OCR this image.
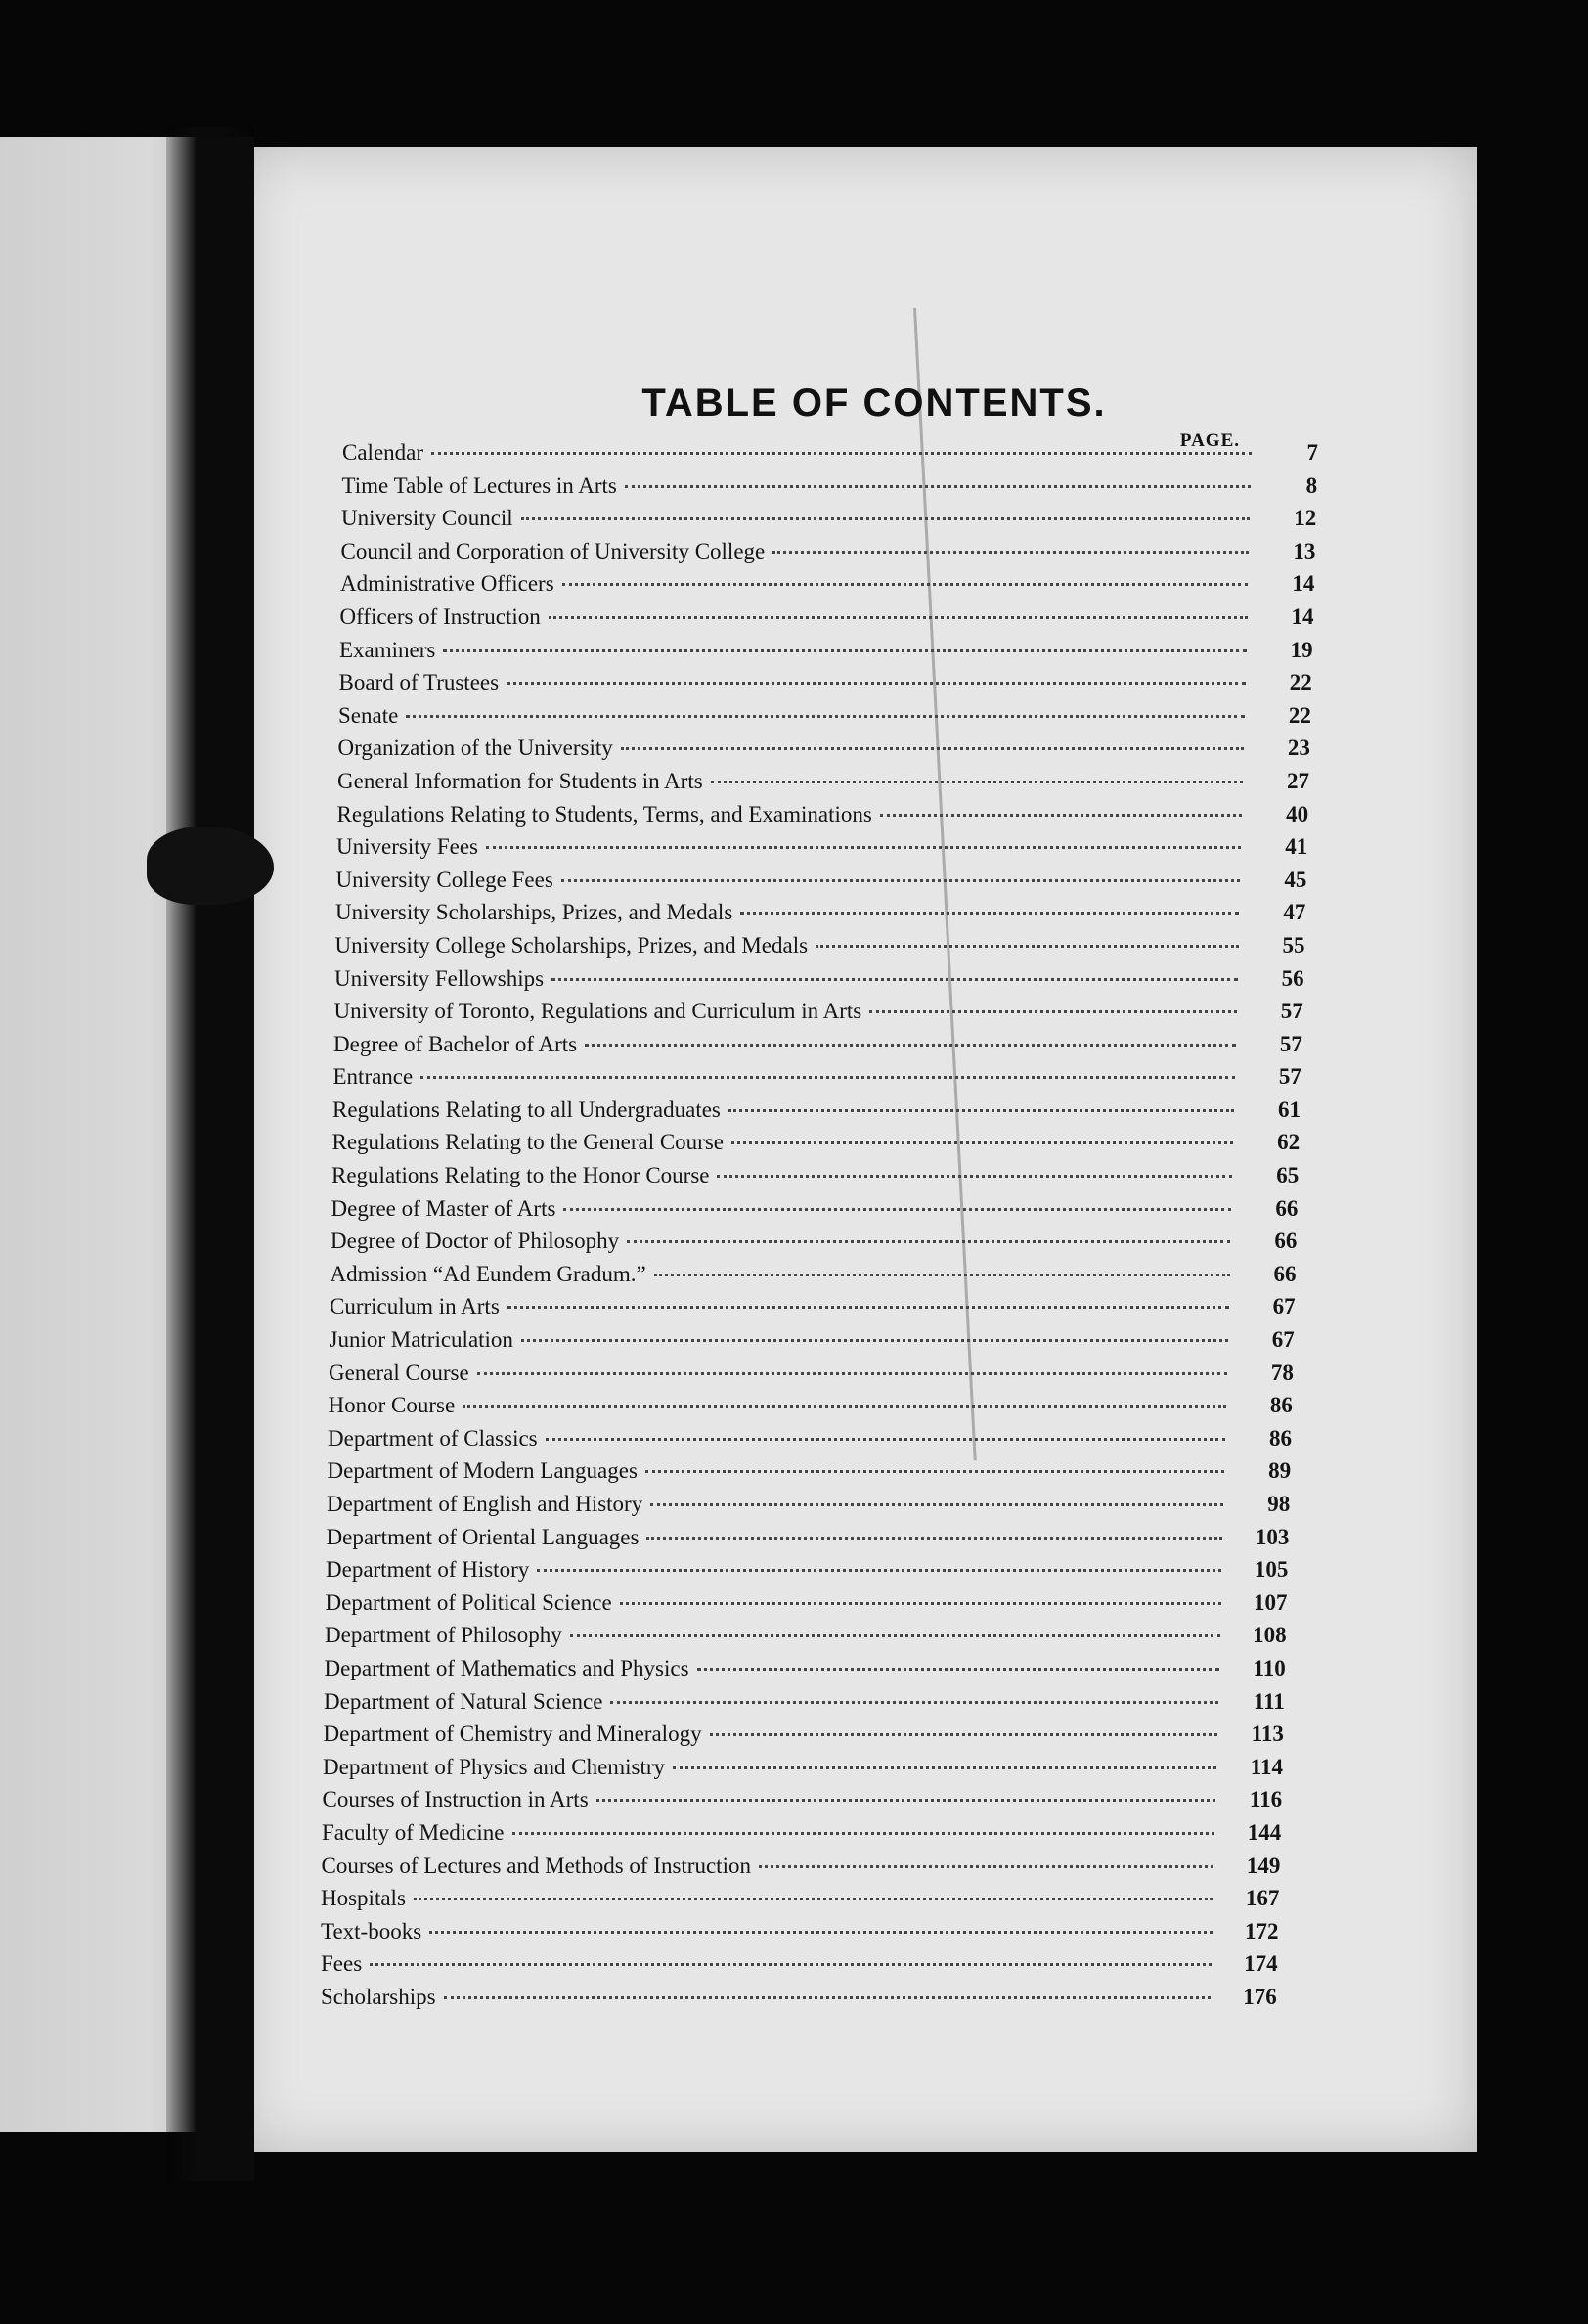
TABLE OF CONTENTS.
PAGE.
Calendar	7
Time Table of Lectures in Arts	8
University Council	12
Council and Corporation of University College	13
Administrative Officers	14
Officers of Instruction	14
Examiners	19
Board of Trustees	22
Senate	22
Organization of the University	23
General Information for Students in Arts	27
Regulations Relating to Students, Terms, and Examinations	40
University Fees	41
University College Fees	45
University Scholarships, Prizes, and Medals	47
University College Scholarships, Prizes, and Medals	55
University Fellowships	56
University of Toronto, Regulations and Curriculum in Arts	57
Degree of Bachelor of Arts	57
Entrance	57
Regulations Relating to all Undergraduates	61
Regulations Relating to the General Course	62
Regulations Relating to the Honor Course	65
Degree of Master of Arts	66
Degree of Doctor of Philosophy	66
Admission “Ad Eundem Gradum.”	66
Curriculum in Arts	67
Junior Matriculation	67
General Course	78
Honor Course	86
Department of Classics	86
Department of Modern Languages	89
Department of English and History	98
Department of Oriental Languages	103
Department of History	105
Department of Political Science	107
Department of Philosophy	108
Department of Mathematics and Physics	110
Department of Natural Science	111
Department of Chemistry and Mineralogy	113
Department of Physics and Chemistry	114
Courses of Instruction in Arts	116
Faculty of Medicine	144
Courses of Lectures and Methods of Instruction	149
Hospitals	167
Text-books	172
Fees	174
Scholarships	176
